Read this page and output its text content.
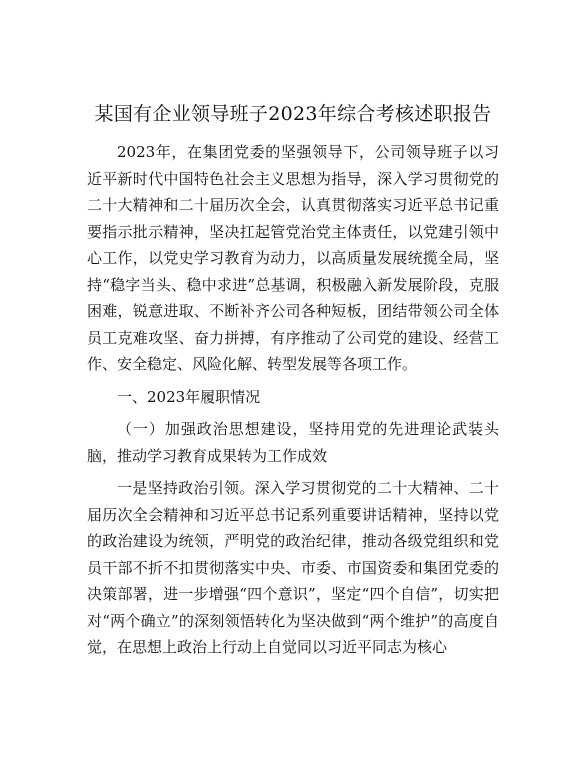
某国有企业领导班子2023年综合考核述职报告

2023年，在集团党委的坚强领导下，公司领导班子以习近平新时代中国特色社会主义思想为指导，深入学习贯彻党的二十大精神和二十届历次全会，认真贯彻落实习近平总书记重要指示批示精神，坚决扛起管党治党主体责任，以党建引领中心工作，以党史学习教育为动力，以高质量发展统揽全局，坚持“稳字当头、稳中求进”总基调，积极融入新发展阶段，克服困难，锐意进取、不断补齐公司各种短板，团结带领公司全体员工克难攻坚、奋力拼搏，有序推动了公司党的建设、经营工作、安全稳定、风险化解、转型发展等各项工作。

一、2023年履职情况

（一）加强政治思想建设，坚持用党的先进理论武装头脑，推动学习教育成果转为工作成效

一是坚持政治引领。深入学习贯彻党的二十大精神、二十届历次全会精神和习近平总书记系列重要讲话精神，坚持以党的政治建设为统领，严明党的政治纪律，推动各级党组织和党员干部不折不扣贯彻落实中央、市委、市国资委和集团党委的决策部署，进一步增强“四个意识”，坚定“四个自信”，切实把对“两个确立”的深刻领悟转化为坚决做到“两个维护”的高度自觉，在思想上政治上行动上自觉同以习近平同志为核心
